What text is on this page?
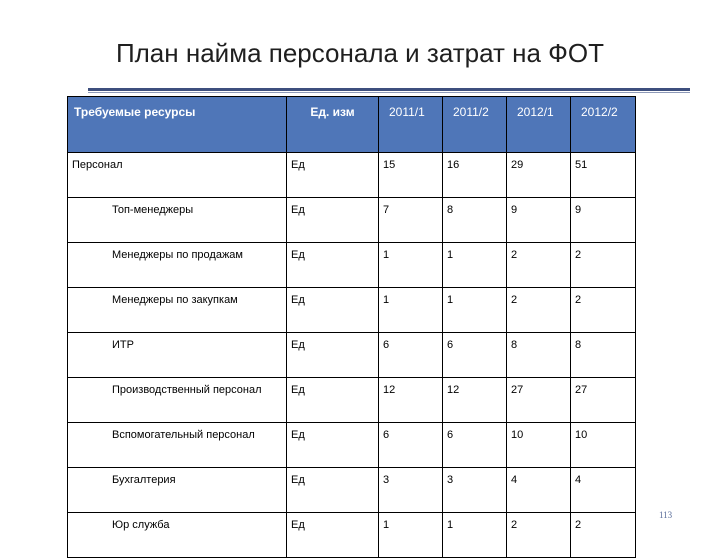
План найма персонала и затрат на ФОТ
Требуемые ресурсы	Ед. изм	2011/1	2011/2	2012/1	2012/2
Персонал	Ед	15	16	29	51
Топ-менеджеры	Ед	7	8	9	9
Менеджеры по продажам	Ед	1	1	2	2
Менеджеры по закупкам	Ед	1	1	2	2
ИТР	Ед	6	6	8	8
Производственный персонал	Ед	12	12	27	27
Вспомогательный персонал	Ед	6	6	10	10
Бухгалтерия	Ед	3	3	4	4
Юр служба	Ед	1	1	2	2
113
